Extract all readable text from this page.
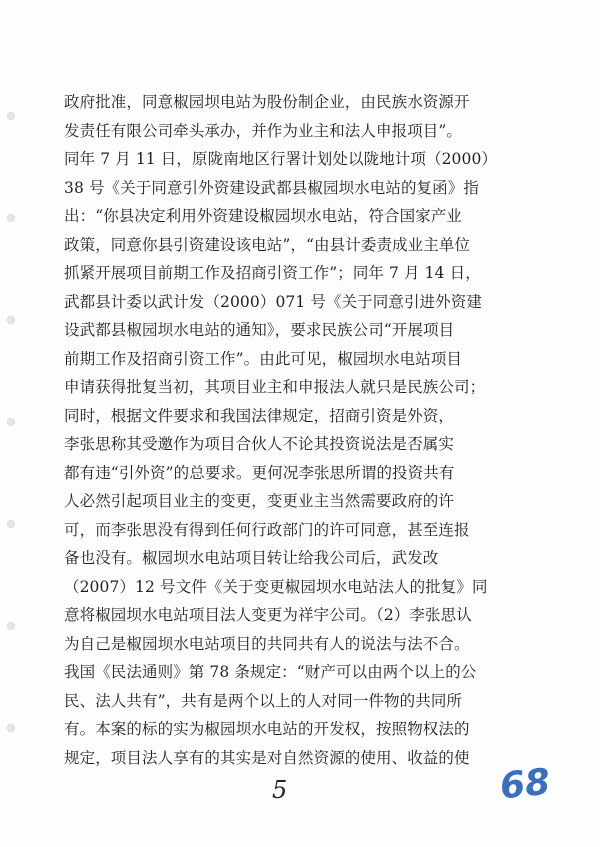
政府批准，同意椒园坝电站为股份制企业，由民族水资源开
发责任有限公司牵头承办，并作为业主和法人申报项目”。
同年 7 月 11 日，原陇南地区行署计划处以陇地计项（2000）
38 号《关于同意引外资建设武都县椒园坝水电站的复函》指
出：“你县决定利用外资建设椒园坝水电站，符合国家产业
政策，同意你县引资建设该电站”，“由县计委责成业主单位
抓紧开展项目前期工作及招商引资工作”；同年 7 月 14 日，
武都县计委以武计发（2000）071 号《关于同意引进外资建
设武都县椒园坝水电站的通知》，要求民族公司“开展项目
前期工作及招商引资工作”。由此可见，椒园坝水电站项目
申请获得批复当初，其项目业主和申报法人就只是民族公司；
同时，根据文件要求和我国法律规定，招商引资是外资，
李张思称其受邀作为项目合伙人不论其投资说法是否属实
都有违“引外资”的总要求。更何况李张思所谓的投资共有
人必然引起项目业主的变更，变更业主当然需要政府的许
可，而李张思没有得到任何行政部门的许可同意，甚至连报
备也没有。椒园坝水电站项目转让给我公司后，武发改
（2007）12 号文件《关于变更椒园坝水电站法人的批复》同
意将椒园坝水电站项目法人变更为祥宇公司。（2）李张思认
为自己是椒园坝水电站项目的共同共有人的说法与法不合。
我国《民法通则》第 78 条规定：“财产可以由两个以上的公
民、法人共有”，共有是两个以上的人对同一件物的共同所
有。本案的标的实为椒园坝水电站的开发权，按照物权法的
规定，项目法人享有的其实是对自然资源的使用、收益的使
5	68
